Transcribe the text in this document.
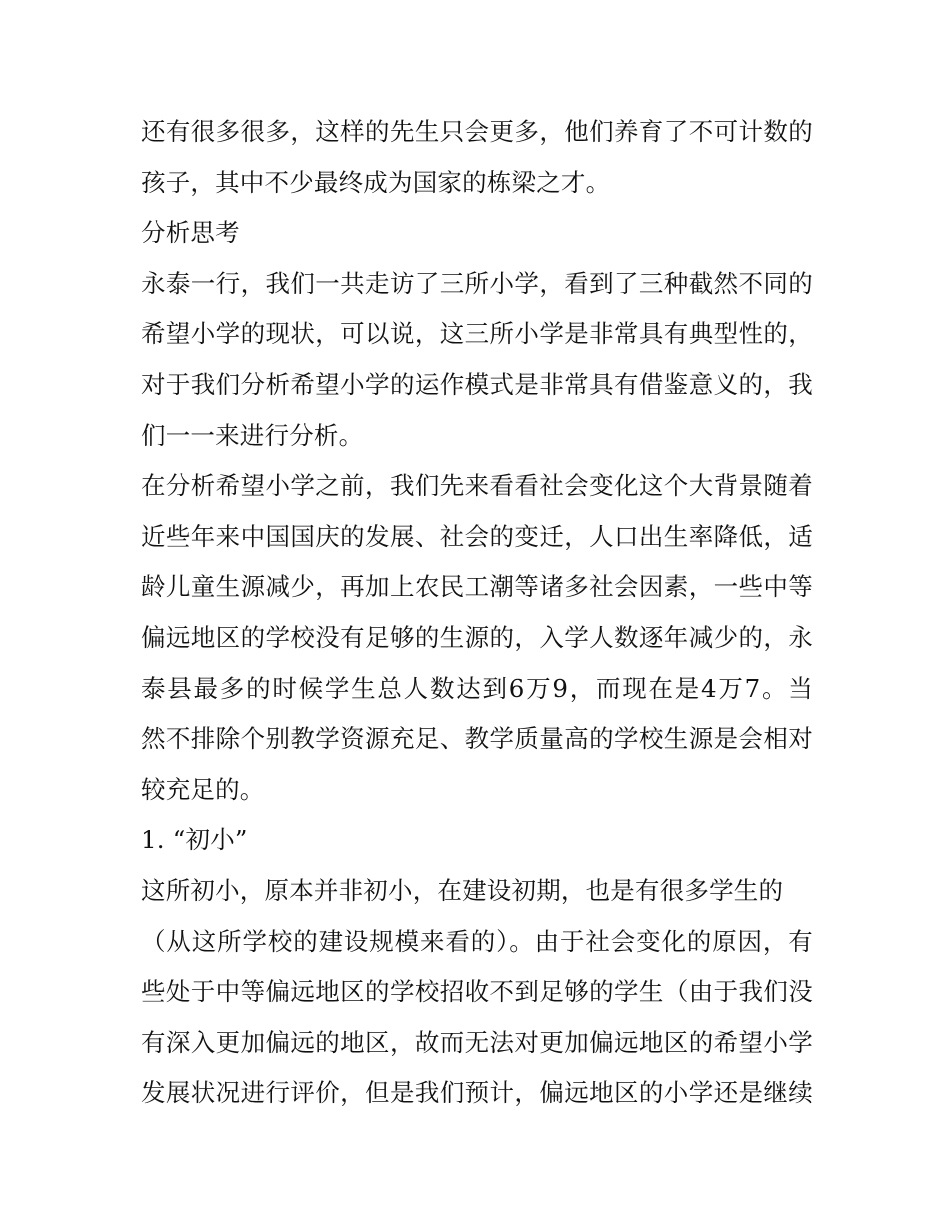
还有很多很多，这样的先生只会更多，他们养育了不可计数的
孩子，其中不少最终成为国家的栋梁之才。
分析思考
永泰一行，我们一共走访了三所小学，看到了三种截然不同的
希望小学的现状，可以说，这三所小学是非常具有典型性的，
对于我们分析希望小学的运作模式是非常具有借鉴意义的，我
们一一来进行分析。
在分析希望小学之前，我们先来看看社会变化这个大背景随着
近些年来中国国庆的发展、社会的变迁，人口出生率降低，适
龄儿童生源减少，再加上农民工潮等诸多社会因素，一些中等
偏远地区的学校没有足够的生源的，入学人数逐年减少的，永
泰县最多的时候学生总人数达到6万9，而现在是4万7。当
然不排除个别教学资源充足、教学质量高的学校生源是会相对
较充足的。
1. “初小”
这所初小，原本并非初小，在建设初期，也是有很多学生的
（从这所学校的建设规模来看的）。由于社会变化的原因，有
些处于中等偏远地区的学校招收不到足够的学生（由于我们没
有深入更加偏远的地区，故而无法对更加偏远地区的希望小学
发展状况进行评价，但是我们预计，偏远地区的小学还是继续
